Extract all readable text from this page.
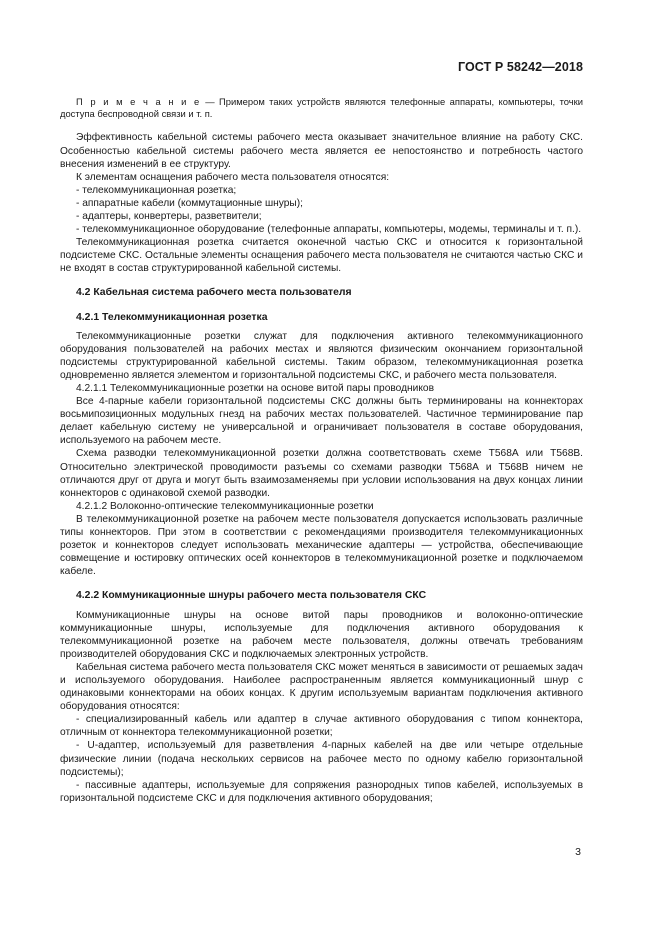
ГОСТ Р 58242—2018

П р и м е ч а н и е — Примером таких устройств являются телефонные аппараты, компьютеры, точки доступа беспроводной связи и т. п.

Эффективность кабельной системы рабочего места оказывает значительное влияние на работу СКС. Особенностью кабельной системы рабочего места является ее непостоянство и потребность частого внесения изменений в ее структуру.

К элементам оснащения рабочего места пользователя относятся:

- телекоммуникационная розетка;

- аппаратные кабели (коммутационные шнуры);

- адаптеры, конвертеры, разветвители;

- телекоммуникационное оборудование (телефонные аппараты, компьютеры, модемы, терминалы и т. п.).

Телекоммуникационная розетка считается оконечной частью СКС и относится к горизонтальной подсистеме СКС. Остальные элементы оснащения рабочего места пользователя не считаются частью СКС и не входят в состав структурированной кабельной системы.

4.2 Кабельная система рабочего места пользователя

4.2.1 Телекоммуникационная розетка

Телекоммуникационные розетки служат для подключения активного телекоммуникационного оборудования пользователей на рабочих местах и являются физическим окончанием горизонтальной подсистемы структурированной кабельной системы. Таким образом, телекоммуникационная розетка одновременно является элементом и горизонтальной подсистемы СКС, и рабочего места пользователя.

4.2.1.1 Телекоммуникационные розетки на основе витой пары проводников

Все 4-парные кабели горизонтальной подсистемы СКС должны быть терминированы на коннекторах восьмипозиционных модульных гнезд на рабочих местах пользователей. Частичное терминирование пар делает кабельную систему не универсальной и ограничивает пользователя в составе оборудования, используемого на рабочем месте.

Схема разводки телекоммуникационной розетки должна соответствовать схеме Т568А или Т568В. Относительно электрической проводимости разъемы со схемами разводки Т568А и Т568В ничем не отличаются друг от друга и могут быть взаимозаменяемы при условии использования на двух концах линии коннекторов с одинаковой схемой разводки.

4.2.1.2 Волоконно-оптические телекоммуникационные розетки

В телекоммуникационной розетке на рабочем месте пользователя допускается использовать различные типы коннекторов. При этом в соответствии с рекомендациями производителя телекоммуникационных розеток и коннекторов следует использовать механические адаптеры — устройства, обеспечивающие совмещение и юстировку оптических осей коннекторов в телекоммуникационной розетке и подключаемом кабеле.

4.2.2 Коммуникационные шнуры рабочего места пользователя СКС

Коммуникационные шнуры на основе витой пары проводников и волоконно-оптические коммуникационные шнуры, используемые для подключения активного оборудования к телекоммуникационной розетке на рабочем месте пользователя, должны отвечать требованиям производителей оборудования СКС и подключаемых электронных устройств.

Кабельная система рабочего места пользователя СКС может меняться в зависимости от решаемых задач и используемого оборудования. Наиболее распространенным является коммуникационный шнур с одинаковыми коннекторами на обоих концах. К другим используемым вариантам подключения активного оборудования относятся:

- специализированный кабель или адаптер в случае активного оборудования с типом коннектора, отличным от коннектора телекоммуникационной розетки;

- U-адаптер, используемый для разветвления 4-парных кабелей на две или четыре отдельные физические линии (подача нескольких сервисов на рабочее место по одному кабелю горизонтальной подсистемы);

- пассивные адаптеры, используемые для сопряжения разнородных типов кабелей, используемых в горизонтальной подсистеме СКС и для подключения активного оборудования;

3
